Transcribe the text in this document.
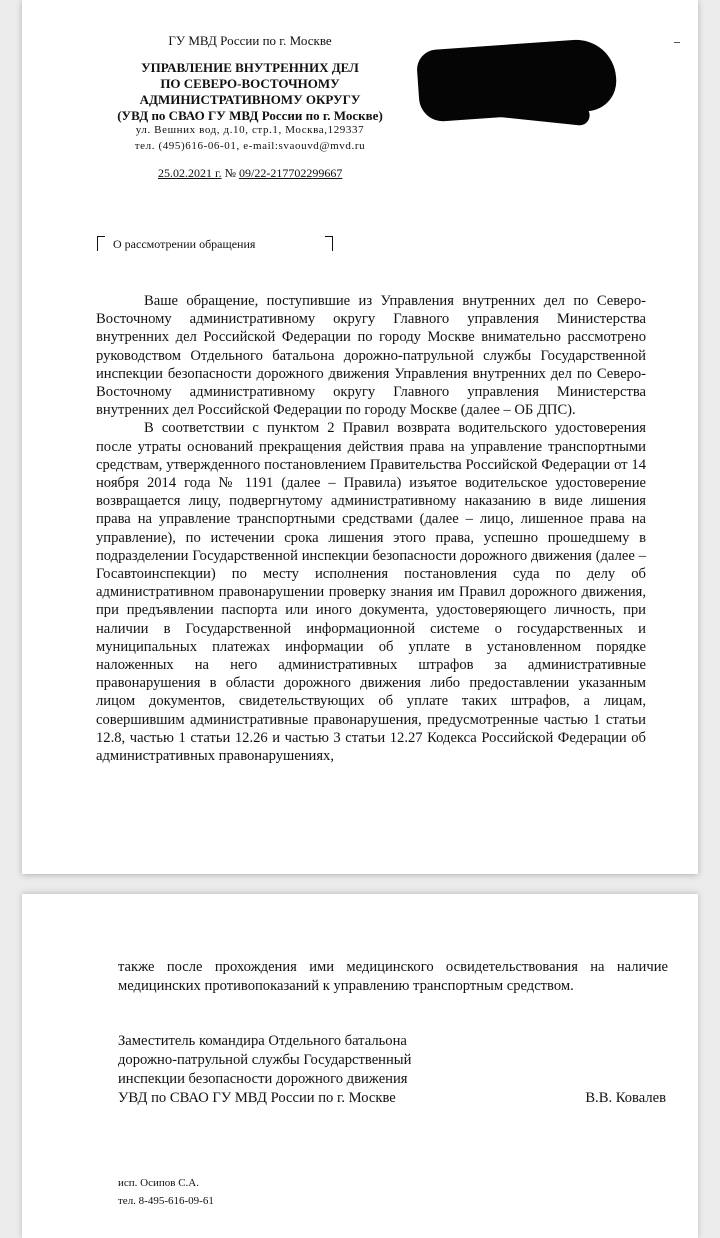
ГУ МВД России по г. Москве
УПРАВЛЕНИЕ ВНУТРЕННИХ ДЕЛ
ПО СЕВЕРО-ВОСТОЧНОМУ
АДМИНИСТРАТИВНОМУ ОКРУГУ
(УВД по СВАО ГУ МВД России по г. Москве)
ул. Вешних вод, д.10, стр.1, Москва,129337
тел. (495)616-06-01, e-mail:svaouvd@mvd.ru
25.02.2021 г. № 09/22-217702299667
О рассмотрении обращения

Ваше обращение, поступившие из Управления внутренних дел по Северо-Восточному административному округу Главного управления Министерства внутренних дел Российской Федерации по городу Москве внимательно рассмотрено руководством Отдельного батальона дорожно-патрульной службы Государственной инспекции безопасности дорожного движения Управления внутренних дел по Северо-Восточному административному округу Главного управления Министерства внутренних дел Российской Федерации по городу Москве (далее – ОБ ДПС).

В соответствии с пунктом 2 Правил возврата водительского удостоверения после утраты оснований прекращения действия права на управление транспортными средствам, утвержденного постановлением Правительства Российской Федерации от 14 ноября 2014 года № 1191 (далее – Правила) изъятое водительское удостоверение возвращается лицу, подвергнутому административному наказанию в виде лишения права на управление транспортными средствами (далее – лицо, лишенное права на управление), по истечении срока лишения этого права, успешно прошедшему в подразделении Государственной инспекции безопасности дорожного движения (далее – Госавтоинспекции) по месту исполнения постановления суда по делу об административном правонарушении проверку знания им Правил дорожного движения, при предъявлении паспорта или иного документа, удостоверяющего личность, при наличии в Государственной информационной системе о государственных и муниципальных платежах информации об уплате в установленном порядке наложенных на него административных штрафов за административные правонарушения в области дорожного движения либо предоставлении указанным лицом документов, свидетельствующих об уплате таких штрафов, а лицам, совершившим административные правонарушения, предусмотренные частью 1 статьи 12.8, частью 1 статьи 12.26 и частью 3 статьи 12.27 Кодекса Российской Федерации об административных правонарушениях,

также после прохождения ими медицинского освидетельствования на наличие медицинских противопоказаний к управлению транспортным средством.
Заместитель командира Отдельного батальона
дорожно-патрульной службы Государственный
инспекции безопасности дорожного движения
УВД по СВАО ГУ МВД России по г. Москве	В.В. Ковалев
исп. Осипов С.А.
тел. 8-495-616-09-61
